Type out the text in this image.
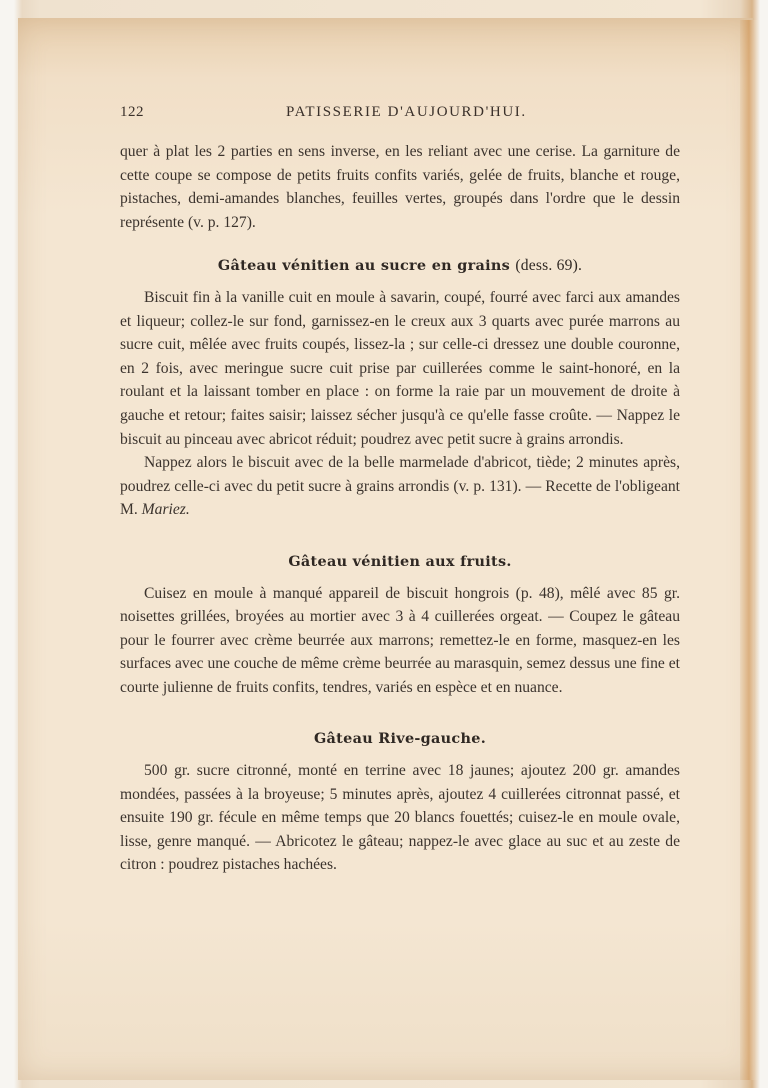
122	PATISSERIE D'AUJOURD'HUI.

quer à plat les 2 parties en sens inverse, en les reliant avec une cerise. La garniture de cette coupe se compose de petits fruits confits variés, gelée de fruits, blanche et rouge, pistaches, demi-amandes blanches, feuilles vertes, groupés dans l'ordre que le dessin représente (v. p. 127).

Gâteau vénitien au sucre en grains (dess. 69).

Biscuit fin à la vanille cuit en moule à savarin, coupé, fourré avec farci aux amandes et liqueur; collez-le sur fond, garnissez-en le creux aux 3 quarts avec purée marrons au sucre cuit, mêlée avec fruits coupés, lissez-la ; sur celle-ci dressez une double couronne, en 2 fois, avec meringue sucre cuit prise par cuillerées comme le saint-honoré, en la roulant et la laissant tomber en place : on forme la raie par un mouvement de droite à gauche et retour; faites saisir; laissez sécher jusqu'à ce qu'elle fasse croûte. — Nappez le biscuit au pinceau avec abricot réduit; poudrez avec petit sucre à grains arrondis.

Nappez alors le biscuit avec de la belle marmelade d'abricot, tiède; 2 minutes après, poudrez celle-ci avec du petit sucre à grains arrondis (v. p. 131). — Recette de l'obligeant M. Mariez.

Gâteau vénitien aux fruits.

Cuisez en moule à manqué appareil de biscuit hongrois (p. 48), mêlé avec 85 gr. noisettes grillées, broyées au mortier avec 3 à 4 cuillerées orgeat. — Coupez le gâteau pour le fourrer avec crème beurrée aux marrons; remettez-le en forme, masquez-en les surfaces avec une couche de même crème beurrée au marasquin, semez dessus une fine et courte julienne de fruits confits, tendres, variés en espèce et en nuance.

Gâteau Rive-gauche.

500 gr. sucre citronné, monté en terrine avec 18 jaunes; ajoutez 200 gr. amandes mondées, passées à la broyeuse; 5 minutes après, ajoutez 4 cuillerées citronnat passé, et ensuite 190 gr. fécule en même temps que 20 blancs fouettés; cuisez-le en moule ovale, lisse, genre manqué. — Abricotez le gâteau; nappez-le avec glace au suc et au zeste de citron : poudrez pistaches hachées.
